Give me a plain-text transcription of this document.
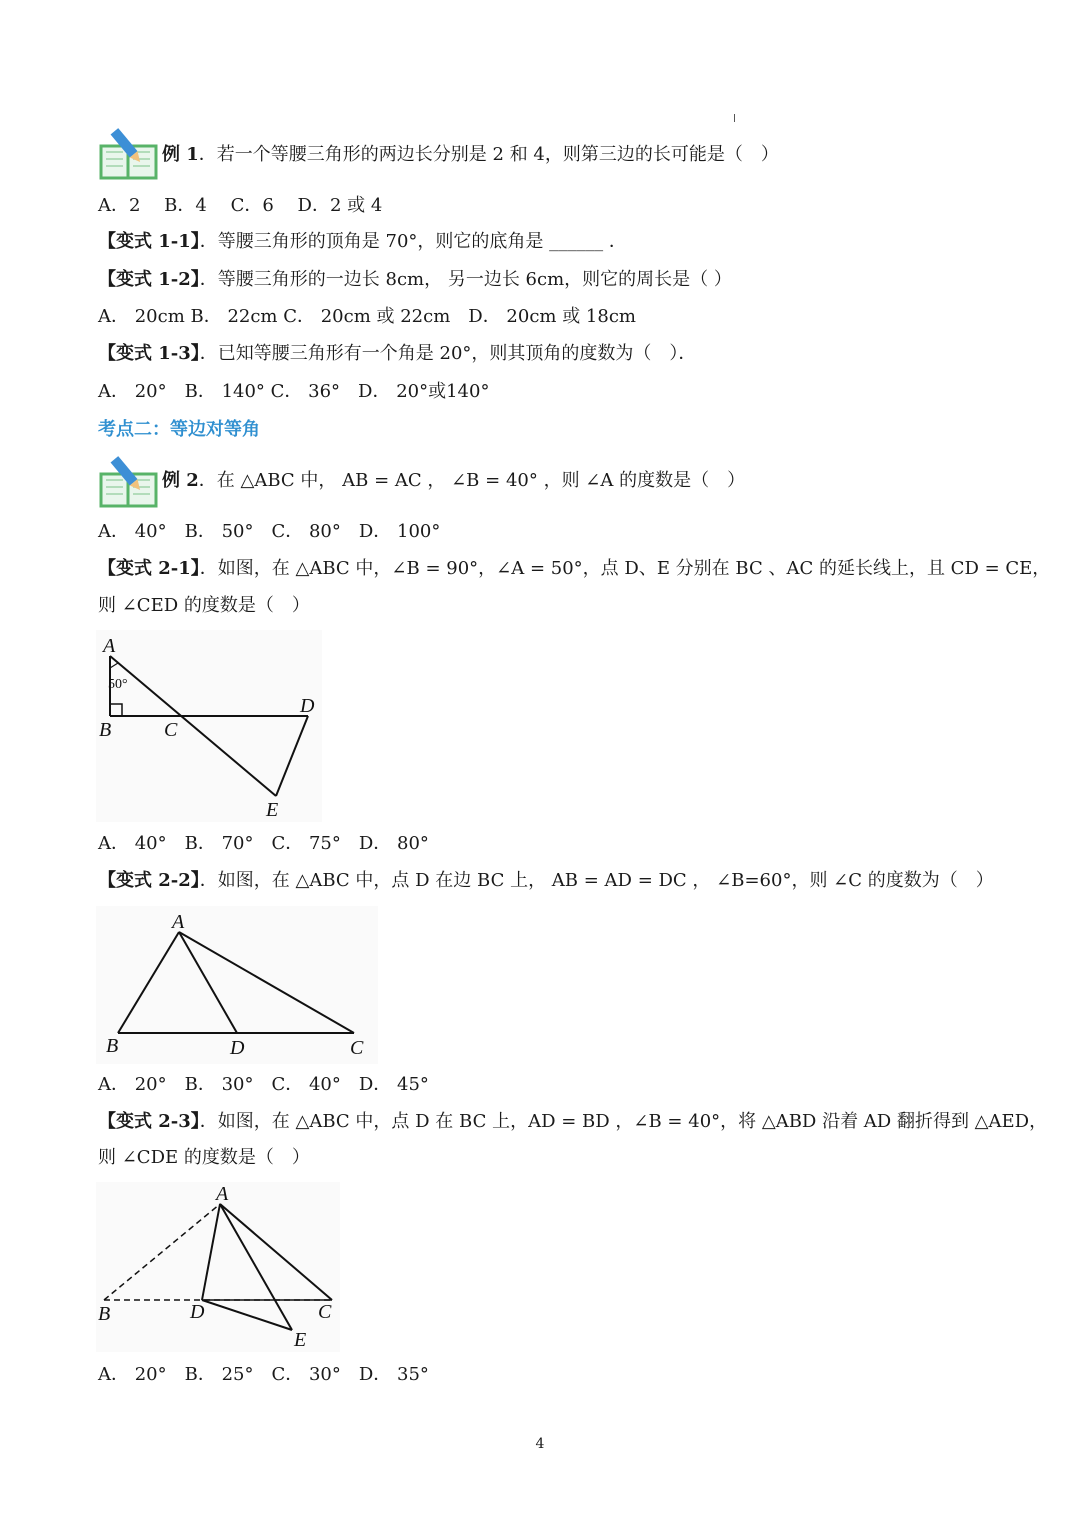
例 1．若一个等腰三角形的两边长分别是 2 和 4，则第三边的长可能是（　）
A．2　 B．4　 C．6　 D．2 或 4
【变式 1-1】．等腰三角形的顶角是 70°，则它的底角是 ______ ．
【变式 1-2】．等腰三角形的一边长 8cm， 另一边长 6cm，则它的周长是（ ）
A． 20cm B． 22cm C． 20cm 或 22cm　D． 20cm 或 18cm
【变式 1-3】．已知等腰三角形有一个角是 20°，则其顶角的度数为（　）．
A． 20°　B． 140° C． 36°　D． 20°或140°
考点二：等边对等角
例 2．在 △ABC 中， AB = AC ， ∠B = 40° ，则 ∠A 的度数是（　）
A． 40°　B． 50°　C． 80°　D． 100°
【变式 2-1】．如图，在 △ABC 中，∠B = 90°，∠A = 50°，点 D、E 分别在 BC 、AC 的延长线上，且 CD = CE，
则 ∠CED 的度数是（　）
A
B	C
D
E
50°
A． 40°　B． 70°　C． 75°　D． 80°
【变式 2-2】．如图，在 △ABC 中，点 D 在边 BC 上， AB = AD = DC ， ∠B=60°，则 ∠C 的度数为（　）
A
B	D	C
A． 20°　B． 30°　C． 40°　D． 45°
【变式 2-3】．如图，在 △ABC 中，点 D 在 BC 上，AD = BD ，∠B = 40°，将 △ABD 沿着 AD 翻折得到 △AED，
则 ∠CDE 的度数是（　）
A
B	D	C
E
A． 20°　B． 25°　C． 30°　D． 35°
4
